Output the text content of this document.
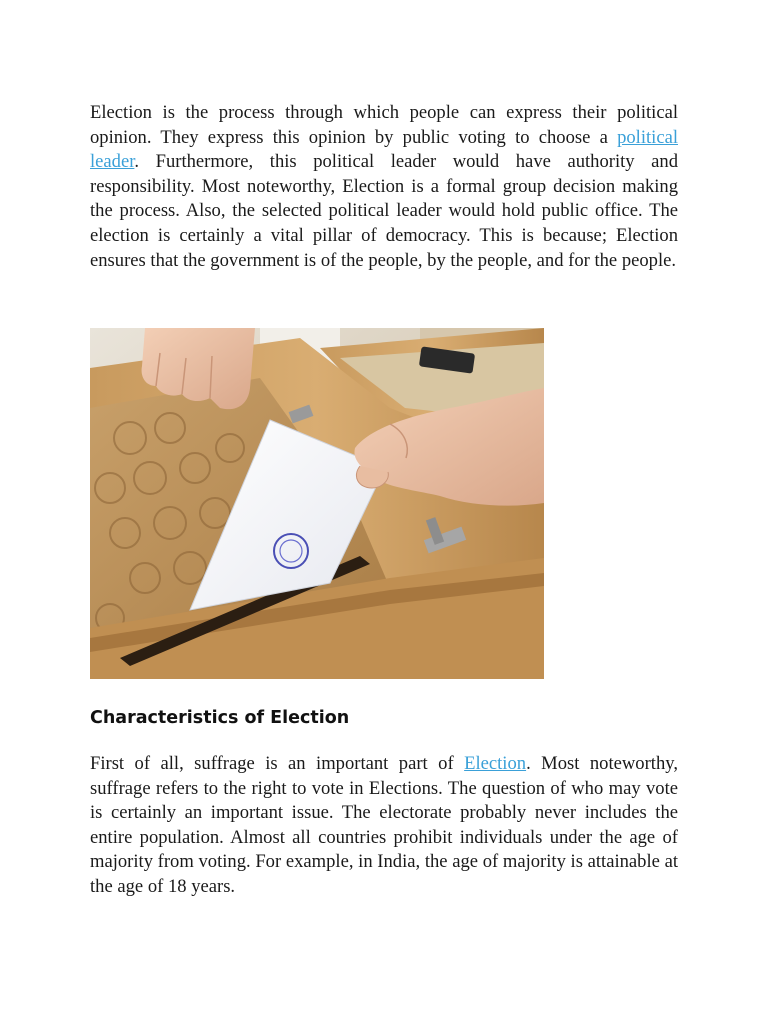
Election is the process through which people can express their political opinion. They express this opinion by public voting to choose a political leader. Furthermore, this political leader would have authority and responsibility. Most noteworthy, Election is a formal group decision making the process. Also, the selected political leader would hold public office. The election is certainly a vital pillar of democracy. This is because; Election ensures that the government is of the people, by the people, and for the people.

Characteristics of Election

First of all, suffrage is an important part of Election. Most noteworthy, suffrage refers to the right to vote in Elections. The question of who may vote is certainly an important issue. The electorate probably never includes the entire population. Almost all countries prohibit individuals under the age of majority from voting. For example, in India, the age of majority is attainable at the age of 18 years.
